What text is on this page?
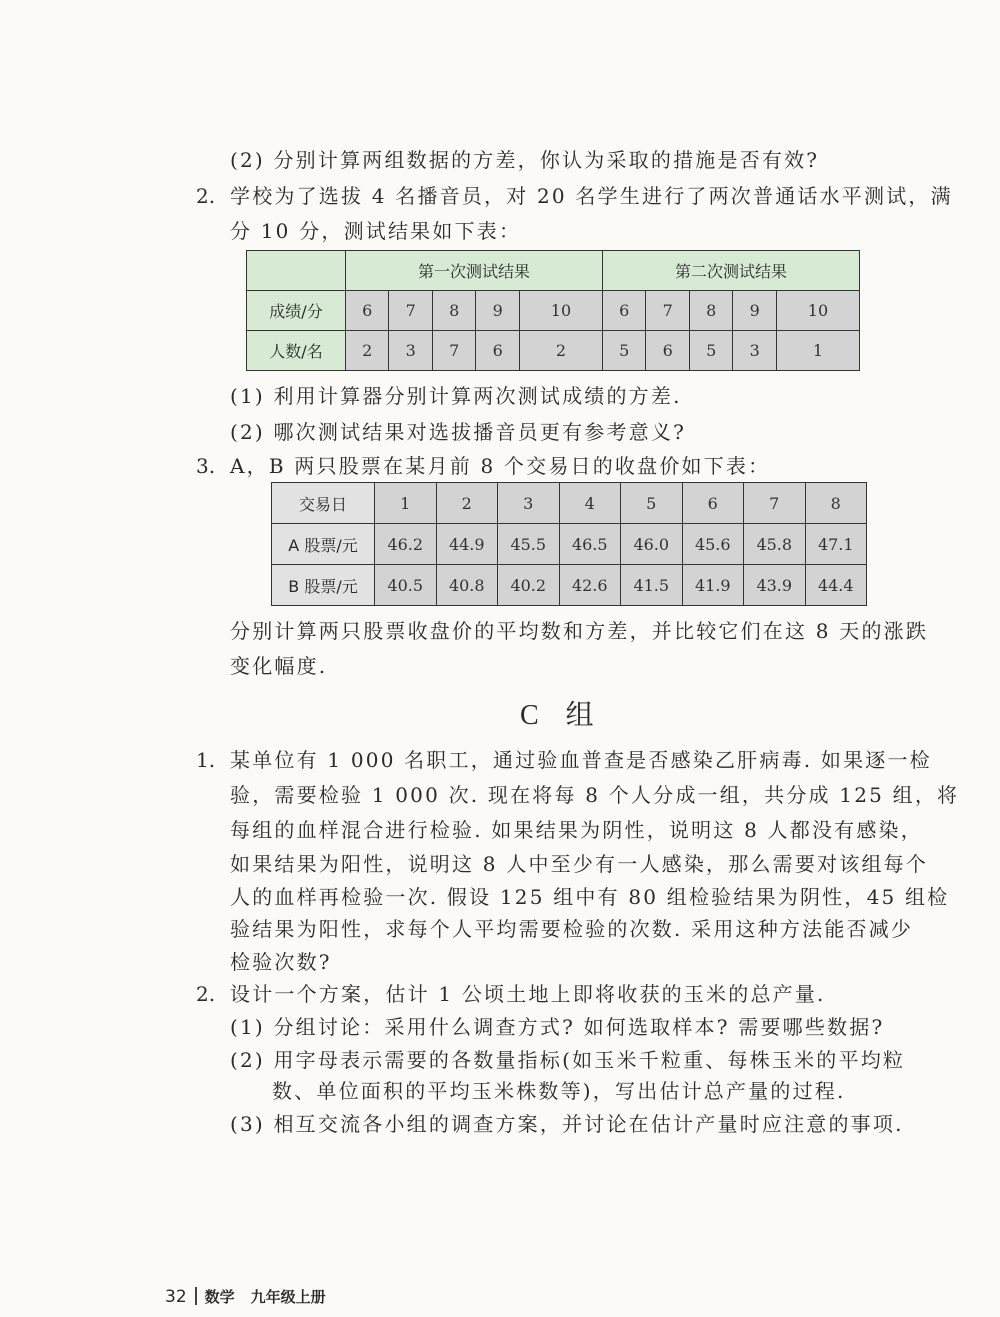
(2) 分别计算两组数据的方差，你认为采取的措施是否有效?
2. 学校为了选拔 4 名播音员，对 20 名学生进行了两次普通话水平测试，满
分 10 分，测试结果如下表：
	第一次测试结果					第二次测试结果				
成绩/分	6	7	8	9	10	6	7	8	9	10
人数/名	2	3	7	6	2	5	6	5	3	1
(1) 利用计算器分别计算两次测试成绩的方差.
(2) 哪次测试结果对选拔播音员更有参考意义?
3. A，B 两只股票在某月前 8 个交易日的收盘价如下表：
交易日	1	2	3	4	5	6	7	8
A 股票/元	46.2	44.9	45.5	46.5	46.0	45.6	45.8	47.1
B 股票/元	40.5	40.8	40.2	42.6	41.5	41.9	43.9	44.4
分别计算两只股票收盘价的平均数和方差，并比较它们在这 8 天的涨跌
变化幅度.
C 组
1. 某单位有 1 000 名职工，通过验血普查是否感染乙肝病毒. 如果逐一检
验，需要检验 1 000 次. 现在将每 8 个人分成一组，共分成 125 组，将
每组的血样混合进行检验. 如果结果为阴性，说明这 8 人都没有感染，
如果结果为阳性，说明这 8 人中至少有一人感染，那么需要对该组每个
人的血样再检验一次. 假设 125 组中有 80 组检验结果为阴性，45 组检
验结果为阳性，求每个人平均需要检验的次数. 采用这种方法能否减少
检验次数?
2. 设计一个方案，估计 1 公顷土地上即将收获的玉米的总产量.
(1) 分组讨论：采用什么调查方式? 如何选取样本? 需要哪些数据?
(2) 用字母表示需要的各数量指标(如玉米千粒重、每株玉米的平均粒
数、单位面积的平均玉米株数等)，写出估计总产量的过程.
(3) 相互交流各小组的调查方案，并讨论在估计产量时应注意的事项.
32 数学 九年级上册
